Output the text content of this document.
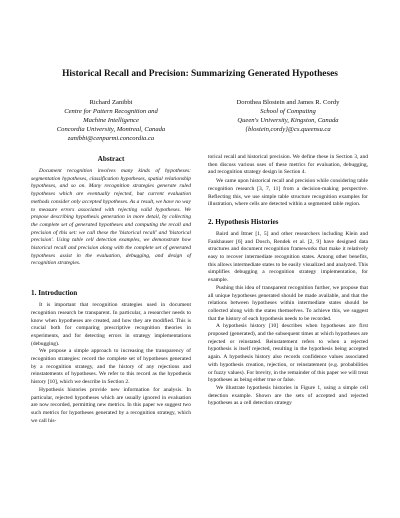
Historical Recall and Precision: Summarizing Generated Hypotheses
Richard Zanibbi
Centre for Pattern Recognition and
Machine Intelligence
Concordia University, Montreal, Canada
zanibbi@cenparmi.concordia.ca
Dorothea Blostein and James R. Cordy
School of Computing
Queen's University, Kingston, Canada
{blostein,cordy}@cs.queensu.ca
Abstract

Document recognition involves many kinds of hypotheses: segmentation hypotheses, classification hypotheses, spatial relationship hypotheses, and so on. Many recognition strategies generate ruled hypotheses which are eventually rejected, but current evaluation methods consider only accepted hypotheses. As a result, we have no way to measure errors associated with rejecting valid hypotheses. We propose describing hypothesis generation in more detail, by collecting the complete set of generated hypotheses and computing the recall and precision of this set: we call these the 'historical recall' and 'historical precision'. Using table cell detection examples, we demonstrate how historical recall and precision along with the complete set of generated hypotheses assist in the evaluation, debugging, and design of recognition strategies.

1. Introduction

It is important that recognition strategies used in document recognition research be transparent. In particular, a researcher needs to know when hypotheses are created, and how they are modified. This is crucial both for comparing prescriptive recognition theories in experiments, and for detecting errors in strategy implementations (debugging).

We propose a simple approach to increasing the transparency of recognition strategies: record the complete set of hypotheses generated by a recognition strategy, and the history of any rejections and reinstatements of hypotheses. We refer to this record as the hypothesis history [10], which we describe in Section 2.

Hypothesis histories provide new information for analysis. In particular, rejected hypotheses which are usually ignored in evaluation are now recorded, permitting new metrics. In this paper we suggest two such metrics for hypotheses generated by a recognition strategy, which we call his-

torical recall and historical precision. We define these in Section 3, and then discuss various uses of these metrics for evaluation, debugging, and recognition strategy design in Section 4.

We came upon historical recall and precision while considering table recognition research [3, 7, 11] from a decision-making perspective. Reflecting this, we use simple table structure recognition examples for illustration, where cells are detected within a segmented table region.

2. Hypothesis Histories

Baird and Ittner [1, 5] and other researchers including Klein and Fankhauser [6] and Dosch, Rendek et al. [2, 9] have designed data structures and document recognition frameworks that make it relatively easy to recover intermediate recognition states. Among other benefits, this allows intermediate states to be easily visualized and analyzed. This simplifies debugging a recognition strategy implementation, for example.

Pushing this idea of transparent recognition further, we propose that all unique hypotheses generated should be made available, and that the relations between hypotheses within intermediate states should be collected along with the states themselves. To achieve this, we suggest that the history of each hypothesis needs to be recorded.

A hypothesis history [10] describes when hypotheses are first proposed (generated), and the subsequent times at which hypotheses are rejected or reinstated. Reinstatement refers to when a rejected hypothesis is itself rejected, resulting in the hypothesis being accepted again. A hypothesis history also records confidence values associated with hypothesis creation, rejection, or reinstatement (e.g. probabilities or fuzzy values). For brevity, in the remainder of this paper we will treat hypotheses as being either true or false.

We illustrate hypothesis histories in Figure 1, using a simple cell detection example. Shown are the sets of accepted and rejected hypotheses as a cell detection strategy
